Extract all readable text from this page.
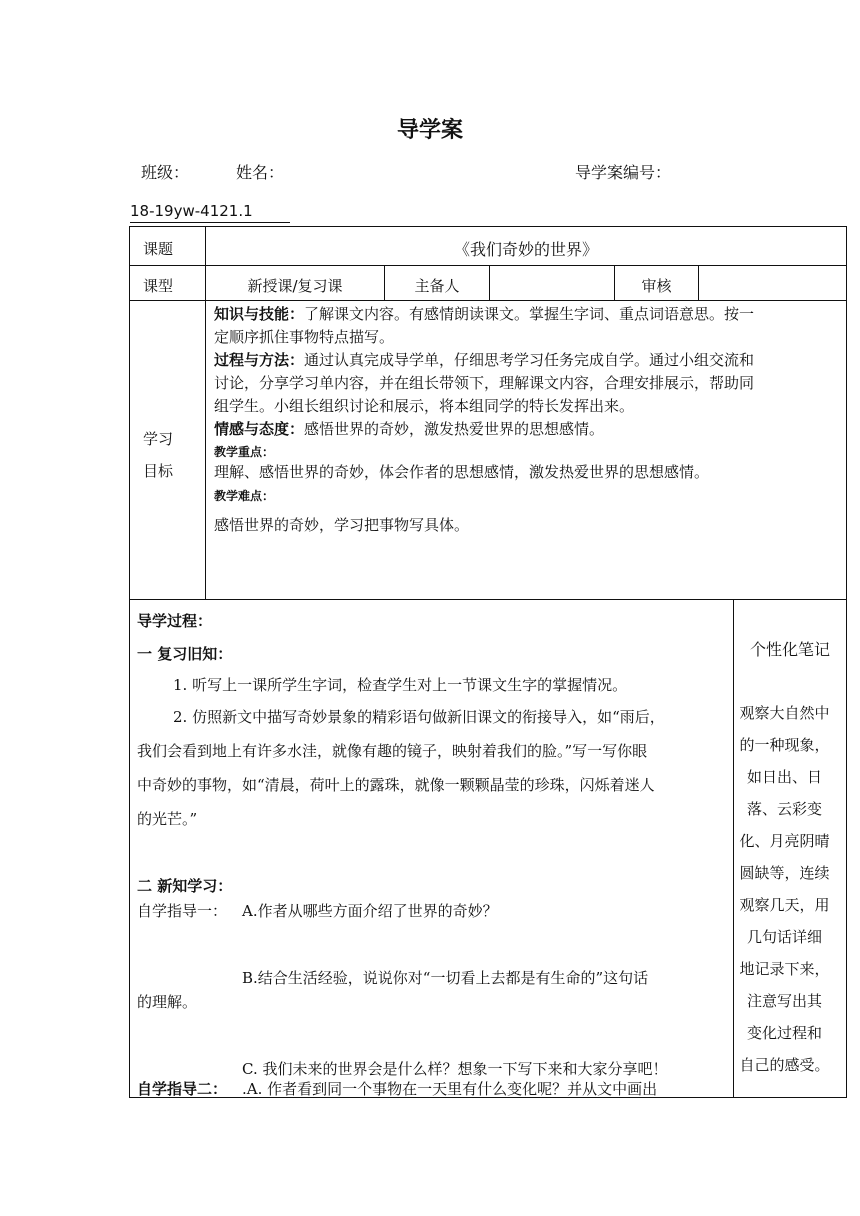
导学案
班级：	姓名：	导学案编号：
18-19yw-4121.1
课题	《我们奇妙的世界》
课型	新授课/复习课	主备人	审核
学习
目标
知识与技能：了解课文内容。有感情朗读课文。掌握生字词、重点词语意思。按一
定顺序抓住事物特点描写。
过程与方法：通过认真完成导学单，仔细思考学习任务完成自学。通过小组交流和
讨论，分享学习单内容，并在组长带领下，理解课文内容，合理安排展示，帮助同
组学生。小组长组织讨论和展示，将本组同学的特长发挥出来。
情感与态度：感悟世界的奇妙，激发热爱世界的思想感情。
教学重点：
理解、感悟世界的奇妙，体会作者的思想感情，激发热爱世界的思想感情。
教学难点：
感悟世界的奇妙，学习把事物写具体。
导学过程：
一 复习旧知：
1. 听写上一课所学生字词，检查学生对上一节课文生字的掌握情况。
2. 仿照新文中描写奇妙景象的精彩语句做新旧课文的衔接导入，如“雨后，
我们会看到地上有许多水洼，就像有趣的镜子，映射着我们的脸。”写一写你眼
中奇妙的事物，如“清晨，荷叶上的露珠，就像一颗颗晶莹的珍珠，闪烁着迷人
的光芒。”
二 新知学习：
自学指导一： A.作者从哪些方面介绍了世界的奇妙？
B.结合生活经验，说说你对“一切看上去都是有生命的”这句话
的理解。
C. 我们未来的世界会是什么样？想象一下写下来和大家分享吧！
自学指导二： .A. 作者看到同一个事物在一天里有什么变化呢？并从文中画出
个性化笔记
观察大自然中
的一种现象，
如日出、日
落、云彩变
化、月亮阴晴
圆缺等，连续
观察几天，用
几句话详细
地记录下来，
注意写出其
变化过程和
自己的感受。
